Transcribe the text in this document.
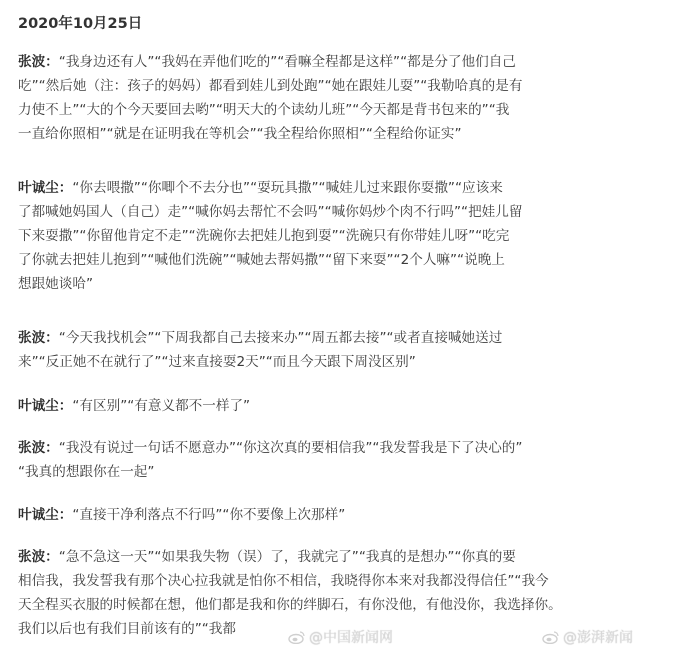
2020年10月25日
张波：“我身边还有人”“我妈在弄他们吃的”“看嘛全程都是这样”“都是分了他们自己
吃”“然后她（注：孩子的妈妈）都看到娃儿到处跑”“她在跟娃儿耍”“我勒哈真的是有
力使不上”“大的个今天要回去哟”“明天大的个读幼儿班”“今天都是背书包来的”“我
一直给你照相”“就是在证明我在等机会”“我全程给你照相”“全程给你证实”
叶诚尘：“你去喂撒”“你唧个不去分也”“耍玩具撒”“喊娃儿过来跟你耍撒”“应该来
了都喊她妈国人（自己）走”“喊你妈去帮忙不会吗”“喊你妈炒个肉不行吗”“把娃儿留
下来耍撒”“你留他肯定不走”“洗碗你去把娃儿抱到耍”“洗碗只有你带娃儿呀”“吃完
了你就去把娃儿抱到”“喊他们洗碗”“喊她去帮妈撒”“留下来耍”“2个人嘛”“说晚上
想跟她谈哈”
张波：“今天我找机会”“下周我都自己去接来办”“周五都去接”“或者直接喊她送过
来”“反正她不在就行了”“过来直接耍2天”“而且今天跟下周没区别”
叶诚尘：“有区别”“有意义都不一样了”
张波：“我没有说过一句话不愿意办”“你这次真的要相信我”“我发誓我是下了决心的”
“我真的想跟你在一起”
叶诚尘：“直接干净利落点不行吗”“你不要像上次那样”
张波：“急不急这一天”“如果我失物（误）了，我就完了”“我真的是想办”“你真的要
相信我，我发誓我有那个决心拉我就是怕你不相信，我晓得你本来对我都没得信任”“我今
天全程买衣服的时候都在想，他们都是我和你的绊脚石，有你没他，有他没你，我选择你。
我们以后也有我们目前该有的”“我都
@中国新闻网	@澎湃新闻
